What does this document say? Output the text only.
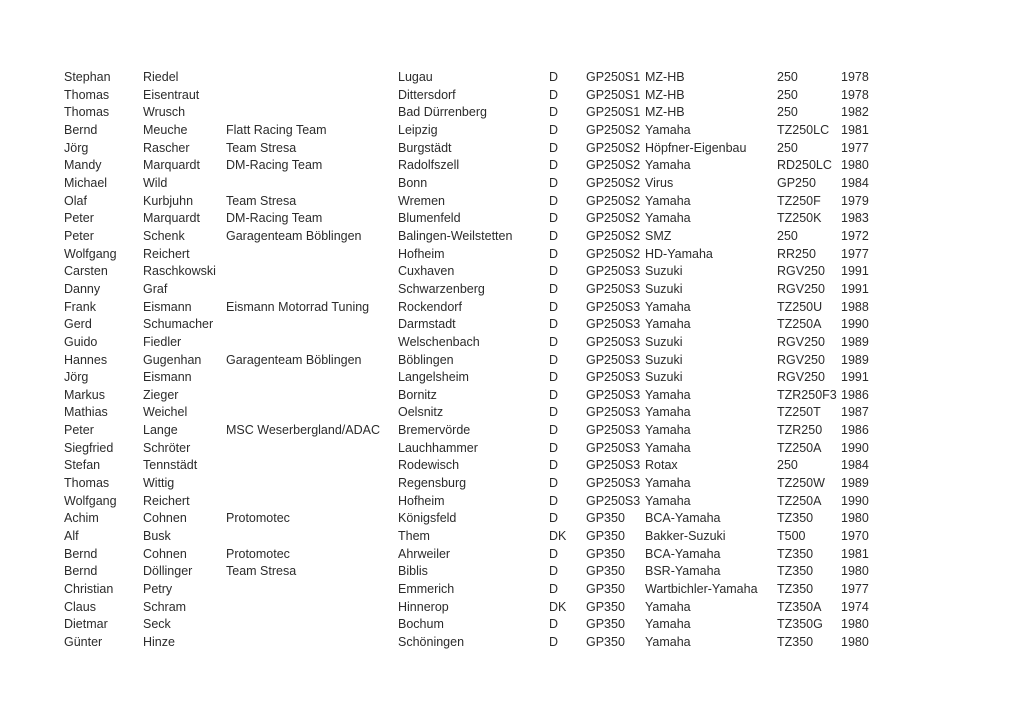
Stephan	Riedel		Lugau	D	GP250S1	MZ-HB	250	1978
Thomas	Eisentraut		Dittersdorf	D	GP250S1	MZ-HB	250	1978
Thomas	Wrusch		Bad Dürrenberg	D	GP250S1	MZ-HB	250	1982
Bernd	Meuche	Flatt Racing Team	Leipzig	D	GP250S2	Yamaha	TZ250LC	1981
Jörg	Rascher	Team Stresa	Burgstädt	D	GP250S2	Höpfner-Eigenbau	250	1977
Mandy	Marquardt	DM-Racing Team	Radolfszell	D	GP250S2	Yamaha	RD250LC	1980
Michael	Wild		Bonn	D	GP250S2	Virus	GP250	1984
Olaf	Kurbjuhn	Team Stresa	Wremen	D	GP250S2	Yamaha	TZ250F	1979
Peter	Marquardt	DM-Racing Team	Blumenfeld	D	GP250S2	Yamaha	TZ250K	1983
Peter	Schenk	Garagenteam Böblingen	Balingen-Weilstetten	D	GP250S2	SMZ	250	1972
Wolfgang	Reichert		Hofheim	D	GP250S2	HD-Yamaha	RR250	1977
Carsten	Raschkowski		Cuxhaven	D	GP250S3	Suzuki	RGV250	1991
Danny	Graf		Schwarzenberg	D	GP250S3	Suzuki	RGV250	1991
Frank	Eismann	Eismann Motorrad Tuning	Rockendorf	D	GP250S3	Yamaha	TZ250U	1988
Gerd	Schumacher		Darmstadt	D	GP250S3	Yamaha	TZ250A	1990
Guido	Fiedler		Welschenbach	D	GP250S3	Suzuki	RGV250	1989
Hannes	Gugenhan	Garagenteam Böblingen	Böblingen	D	GP250S3	Suzuki	RGV250	1989
Jörg	Eismann		Langelsheim	D	GP250S3	Suzuki	RGV250	1991
Markus	Zieger		Bornitz	D	GP250S3	Yamaha	TZR250F3	1986
Mathias	Weichel		Oelsnitz	D	GP250S3	Yamaha	TZ250T	1987
Peter	Lange	MSC Weserbergland/ADAC	Bremervörde	D	GP250S3	Yamaha	TZR250	1986
Siegfried	Schröter		Lauchhammer	D	GP250S3	Yamaha	TZ250A	1990
Stefan	Tennstädt		Rodewisch	D	GP250S3	Rotax	250	1984
Thomas	Wittig		Regensburg	D	GP250S3	Yamaha	TZ250W	1989
Wolfgang	Reichert		Hofheim	D	GP250S3	Yamaha	TZ250A	1990
Achim	Cohnen	Protomotec	Königsfeld	D	GP350	BCA-Yamaha	TZ350	1980
Alf	Busk		Them	DK	GP350	Bakker-Suzuki	T500	1970
Bernd	Cohnen	Protomotec	Ahrweiler	D	GP350	BCA-Yamaha	TZ350	1981
Bernd	Döllinger	Team Stresa	Biblis	D	GP350	BSR-Yamaha	TZ350	1980
Christian	Petry		Emmerich	D	GP350	Wartbichler-Yamaha	TZ350	1977
Claus	Schram		Hinnerop	DK	GP350	Yamaha	TZ350A	1974
Dietmar	Seck		Bochum	D	GP350	Yamaha	TZ350G	1980
Günter	Hinze		Schöningen	D	GP350	Yamaha	TZ350	1980
